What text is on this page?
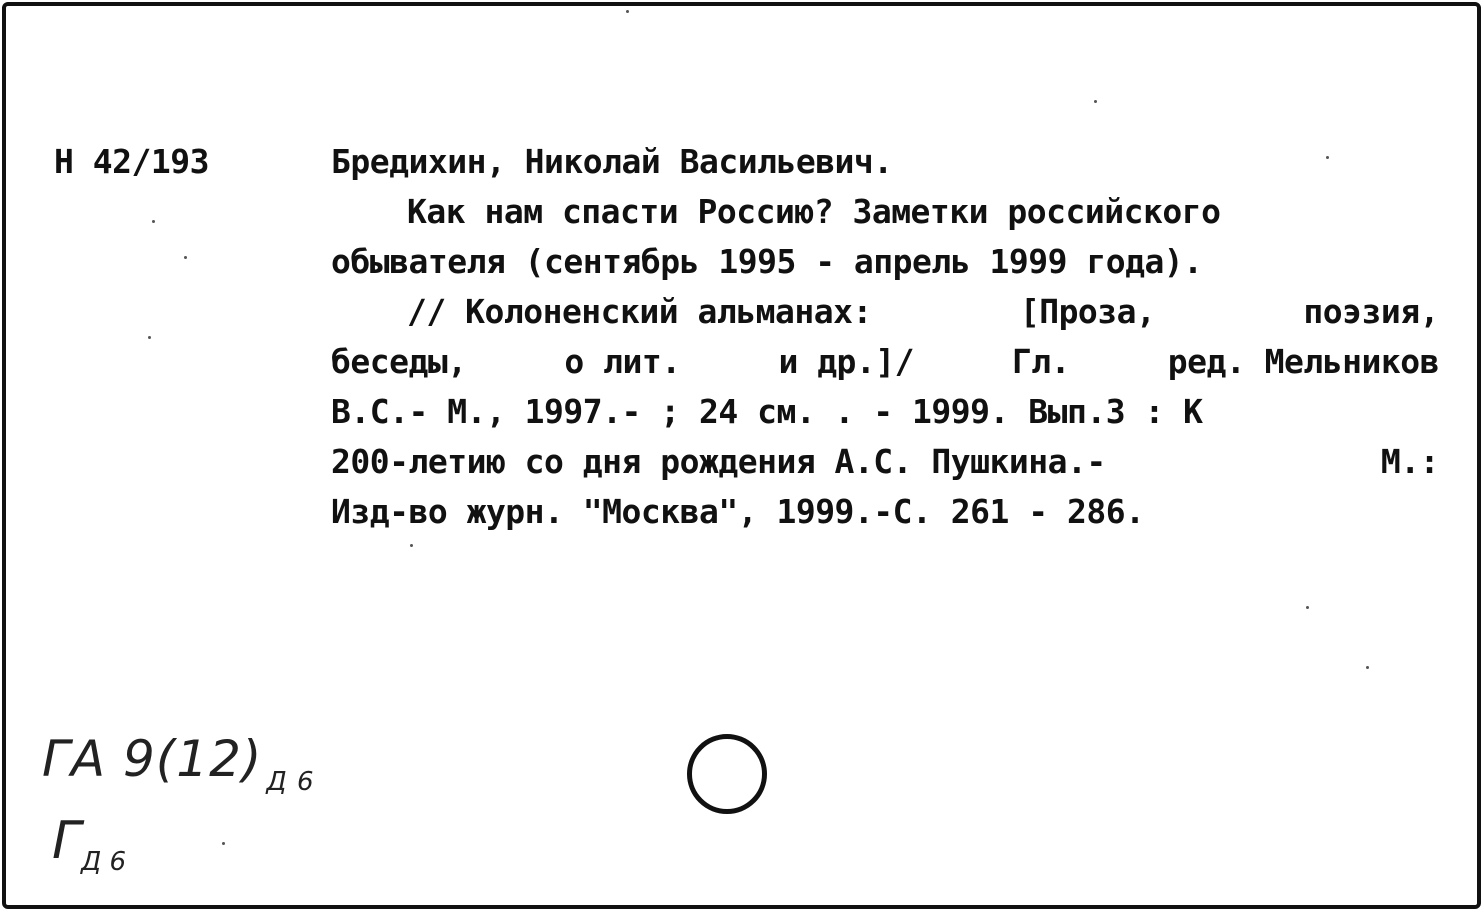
Н 42/193	Бредихин, Николай Васильевич.
Как нам спасти Россию? Заметки российского
обывателя (сентябрь 1995 - апрель 1999 года).
// Колоненский альманах:	[Проза,	поэзия,
беседы,	о лит.	и др.]/	Гл.	ред. Мельников
В.С.- М., 1997.- ; 24 см. . - 1999. Вып.3 : К
200-летию со дня рождения А.С. Пушкина.-	М.:
Изд-во журн. "Москва", 1999.-С. 261 - 286.
ГА 9(12) $_{Д 6}$
$Г_{Д 6}$
